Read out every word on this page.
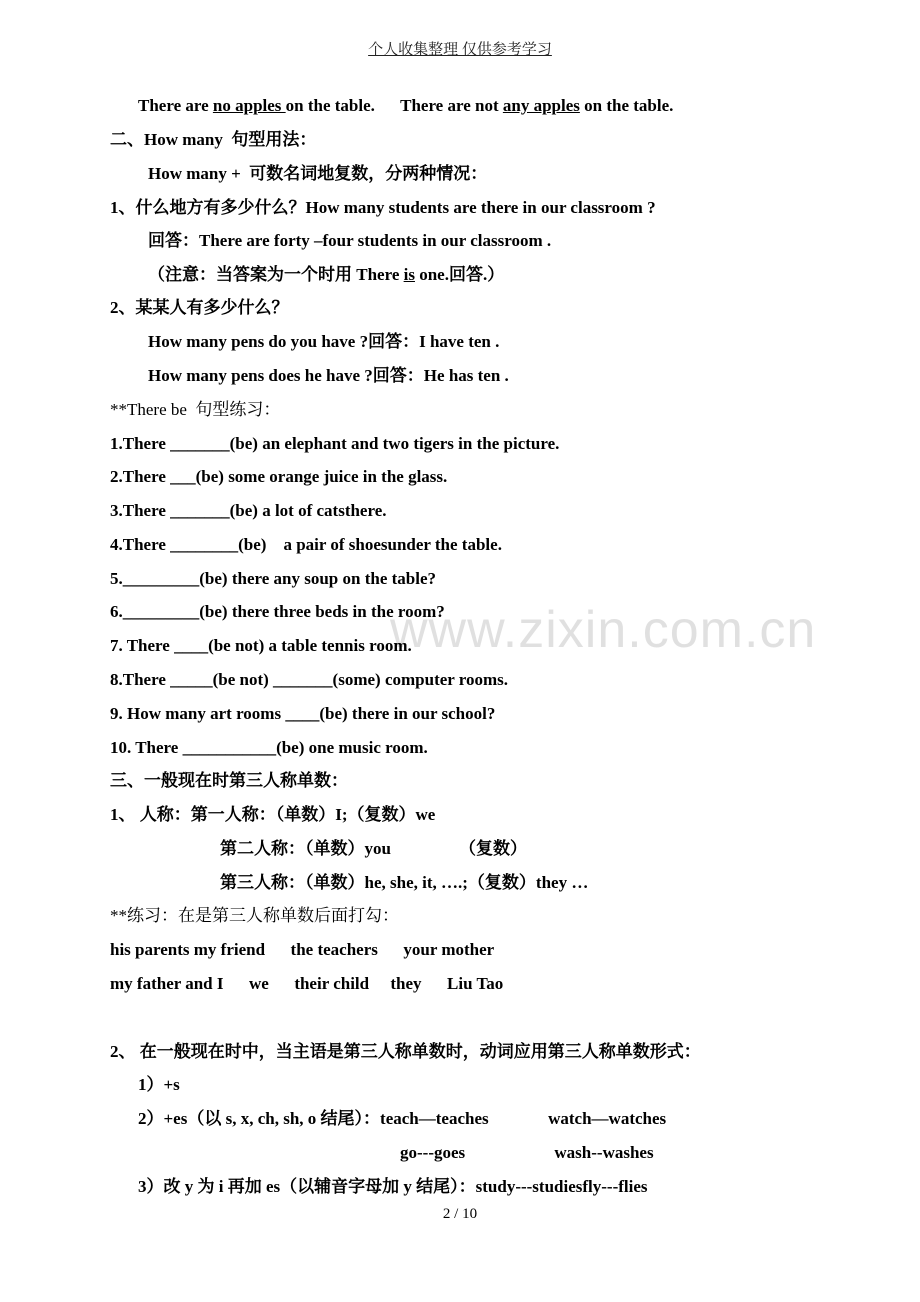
个人收集整理 仅供参考学习
There are no apples on the table.      There are not any apples on the table.
二、How many  句型用法：
How many +  可数名词地复数，分两种情况：
1、什么地方有多少什么？How many students are there in our classroom ?
回答：There are forty –four students in our classroom .
（注意：当答案为一个时用 There is one.回答.）
2、某某人有多少什么？
How many pens do you have ?回答：I have ten .
How many pens does he have ?回答：He has ten .
**There be  句型练习：
1.There _______(be) an elephant and two tigers in the picture.
2.There ___(be) some orange juice in the glass.
3.There _______(be) a lot of catsthere.
4.There ________(be)    a pair of shoesunder the table.
5._________(be) there any soup on the table?
6._________(be) there three beds in the room?
7. There ____(be not) a table tennis room.
8.There _____(be not) _______(some) computer rooms.
9. How many art rooms ____(be) there in our school?
10. There ___________(be) one music room.
三、一般现在时第三人称单数：
1、 人称：第一人称：（单数）I;（复数）we
第二人称：（单数）you                （复数）
第三人称：（单数）he, she, it, ….;（复数）they …
**练习：在是第三人称单数后面打勾：
his parents my friend      the teachers      your mother
my father and I      we      their child     they      Liu Tao
2、 在一般现在时中，当主语是第三人称单数时，动词应用第三人称单数形式：
1）+s
2）+es（以 s, x, ch, sh, o 结尾）：teach—teaches              watch—watches
go---goes                     wash--washes
3）改 y 为 i 再加 es（以辅音字母加 y 结尾）：study---studiesfly---flies
www.zixin.com.cn
2 / 10
